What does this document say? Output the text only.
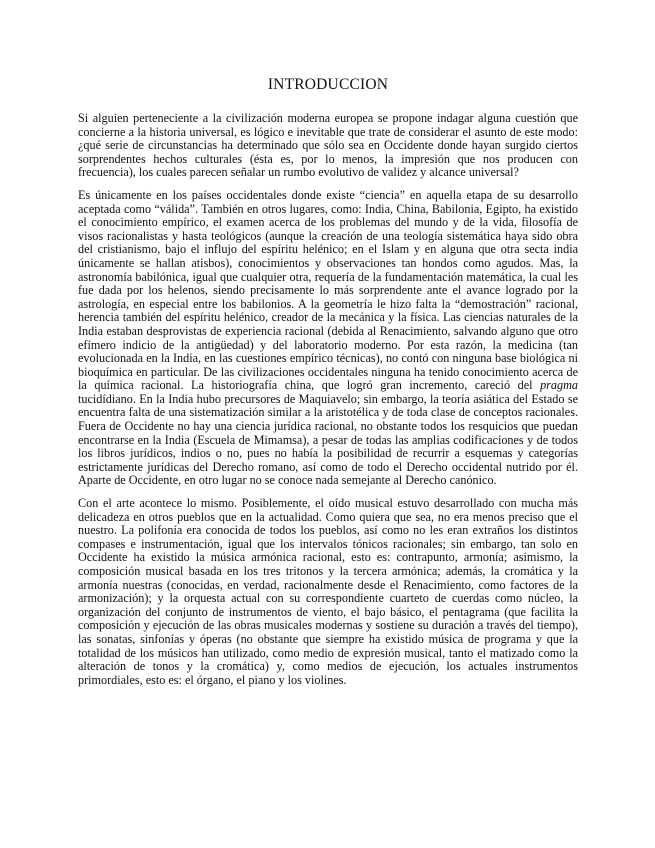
INTRODUCCION

Si alguien perteneciente a la civilización moderna europea se propone indagar alguna cuestión que concierne a la historia universal, es lógico e inevitable que trate de considerar el asunto de este modo: ¿qué serie de circunstancias ha determinado que sólo sea en Occidente donde hayan surgido ciertos sorprendentes hechos culturales (ésta es, por lo menos, la impresión que nos producen con frecuencia), los cuales parecen señalar un rumbo evolutivo de validez y alcance universal?

Es únicamente en los países occidentales donde existe “ciencia” en aquella etapa de su desarrollo aceptada como “válida”. También en otros lugares, como: India, China, Babilonia, Egipto, ha existido el conocimiento empírico, el examen acerca de los problemas del mundo y de la vida, filosofía de visos racionalistas y hasta teológicos (aunque la creación de una teología sistemática haya sido obra del cristianismo, bajo el influjo del espíritu helénico; en el Islam y en alguna que otra secta india únicamente se hallan atisbos), conocimientos y observaciones tan hondos como agudos. Mas, la astronomía babilónica, igual que cualquier otra, requería de la fundamentación matemática, la cual les fue dada por los helenos, siendo precisamente lo más sorprendente ante el avance logrado por la astrología, en especial entre los babilonios. A la geometría le hizo falta la “demostración” racional, herencia también del espíritu helénico, creador de la mecánica y la física. Las ciencias naturales de la India estaban desprovistas de experiencia racional (debida al Renacimiento, salvando alguno que otro efímero indicio de la antigüedad) y del laboratorio moderno. Por esta razón, la medicina (tan evolucionada en la India, en las cuestiones empírico técnicas), no contó con ninguna base biológica ni bioquímica en particular. De las civilizaciones occidentales ninguna ha tenido conocimiento acerca de la química racional. La historiografía china, que logró gran incremento, careció del pragma tucidídiano. En la India hubo precursores de Maquiavelo; sin embargo, la teoría asiática del Estado se encuentra falta de una sistematización similar a la aristotélica y de toda clase de conceptos racionales. Fuera de Occidente no hay una ciencia jurídica racional, no obstante todos los resquicios que puedan encontrarse en la India (Escuela de Mimamsa), a pesar de todas las amplias codificaciones y de todos los libros jurídicos, indios o no, pues no había la posibilidad de recurrir a esquemas y categorías estrictamente jurídicas del Derecho romano, así como de todo el Derecho occidental nutrido por él. Aparte de Occidente, en otro lugar no se conoce nada semejante al Derecho canónico.

Con el arte acontece lo mismo. Posiblemente, el oído musical estuvo desarrollado con mucha más delicadeza en otros pueblos que en la actualidad. Como quiera que sea, no era menos preciso que el nuestro. La polifonía era conocida de todos los pueblos, así como no les eran extraños los distintos compases e instrumentación, igual que los intervalos tónicos racionales; sin embargo, tan solo en Occidente ha existido la música armónica racional, esto es: contrapunto, armonía; asimismo, la composición musical basada en los tres tritonos y la tercera armónica; además, la cromática y la armonía nuestras (conocidas, en verdad, racionalmente desde el Renacimiento, como factores de la armonización); y la orquesta actual con su correspondiente cuarteto de cuerdas como núcleo, la organización del conjunto de instrumentos de viento, el bajo básico, el pentagrama (que facilita la composición y ejecución de las obras musicales modernas y sostiene su duración a través del tiempo), las sonatas, sinfonías y óperas (no obstante que siempre ha existido música de programa y que la totalidad de los músicos han utilizado, como medio de expresión musical, tanto el matizado como la alteración de tonos y la cromática) y, como medios de ejecución, los actuales instrumentos primordiales, esto es: el órgano, el piano y los violines.
